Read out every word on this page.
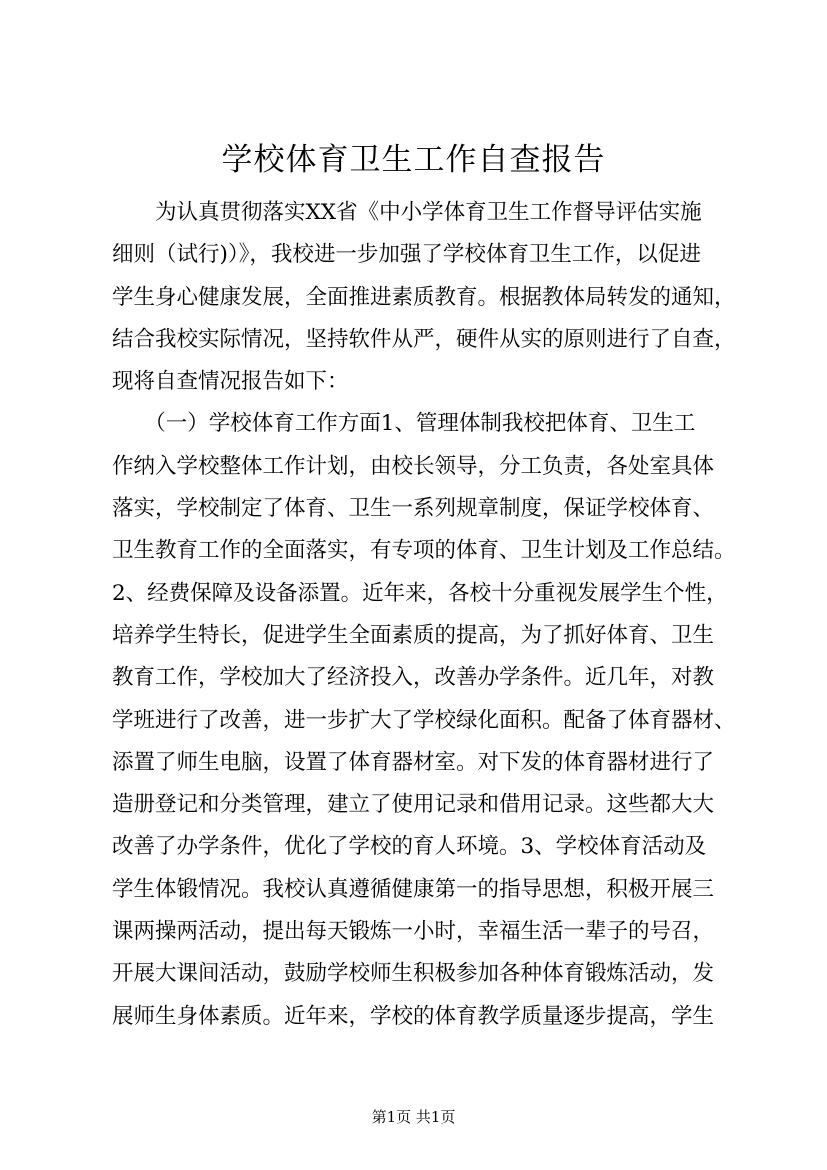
学校体育卫生工作自查报告
　　为认真贯彻落实XX省《中小学体育卫生工作督导评估实施
细则（试行)）》，我校进一步加强了学校体育卫生工作，以促进
学生身心健康发展，全面推进素质教育。根据教体局转发的通知，
结合我校实际情况，坚持软件从严，硬件从实的原则进行了自查，
现将自查情况报告如下：
　　（一）学校体育工作方面1、管理体制我校把体育、卫生工
作纳入学校整体工作计划，由校长领导，分工负责，各处室具体
落实，学校制定了体育、卫生一系列规章制度，保证学校体育、
卫生教育工作的全面落实，有专项的体育、卫生计划及工作总结。
2、经费保障及设备添置。近年来，各校十分重视发展学生个性，
培养学生特长，促进学生全面素质的提高，为了抓好体育、卫生
教育工作，学校加大了经济投入，改善办学条件。近几年，对教
学班进行了改善，进一步扩大了学校绿化面积。配备了体育器材、
添置了师生电脑，设置了体育器材室。对下发的体育器材进行了
造册登记和分类管理，建立了使用记录和借用记录。这些都大大
改善了办学条件，优化了学校的育人环境。3、学校体育活动及
学生体锻情况。我校认真遵循健康第一的指导思想，积极开展三
课两操两活动，提出每天锻炼一小时，幸福生活一辈子的号召，
开展大课间活动，鼓励学校师生积极参加各种体育锻炼活动，发
展师生身体素质。近年来，学校的体育教学质量逐步提高，学生
第1页 共1页
